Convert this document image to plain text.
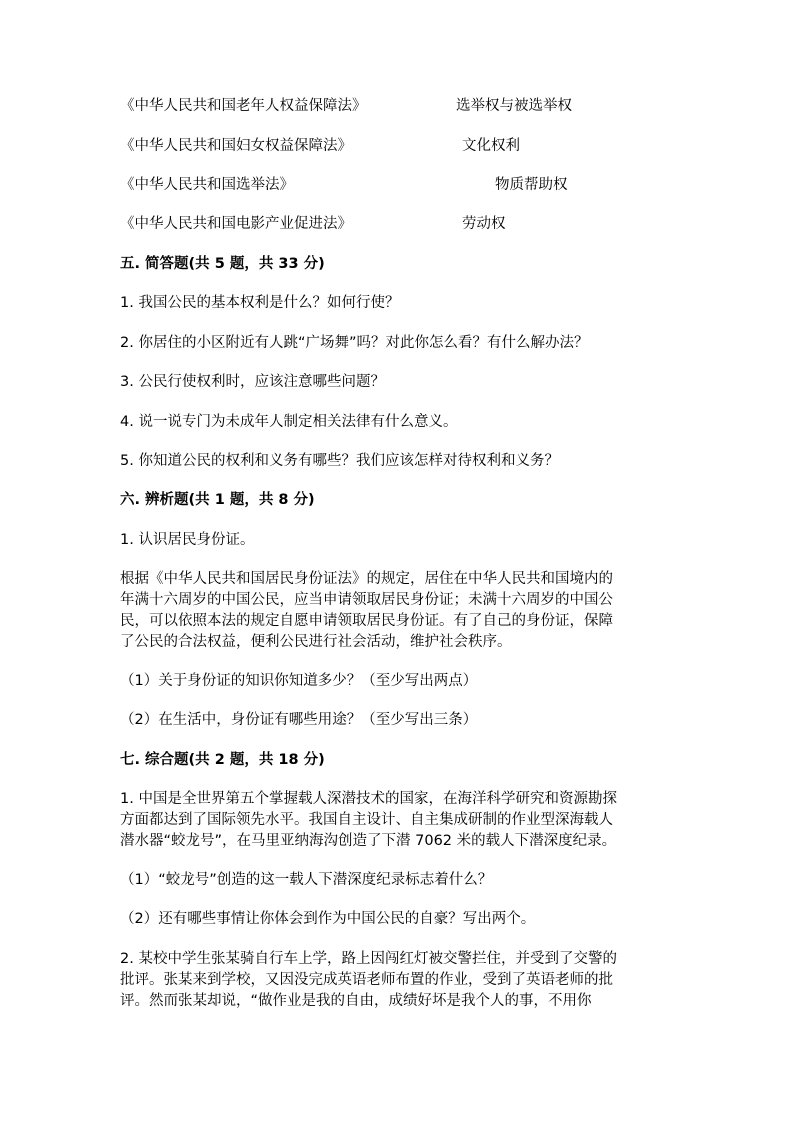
《中华人民共和国老年人权益保障法》	选举权与被选举权
《中华人民共和国妇女权益保障法》	文化权利
《中华人民共和国选举法》	物质帮助权
《中华人民共和国电影产业促进法》	劳动权
五. 简答题(共 5 题，共 33 分)
1. 我国公民的基本权利是什么？如何行使？
2. 你居住的小区附近有人跳“广场舞”吗？对此你怎么看？有什么解办法？
3. 公民行使权利时，应该注意哪些问题？
4. 说一说专门为未成年人制定相关法律有什么意义。
5. 你知道公民的权利和义务有哪些？我们应该怎样对待权利和义务？
六. 辨析题(共 1 题，共 8 分)
1. 认识居民身份证。
根据《中华人民共和国居民身份证法》的规定，居住在中华人民共和国境内的
年满十六周岁的中国公民，应当申请领取居民身份证；未满十六周岁的中国公
民，可以依照本法的规定自愿申请领取居民身份证。有了自己的身份证，保障
了公民的合法权益，便利公民进行社会活动，维护社会秩序。
（1）关于身份证的知识你知道多少？（至少写出两点）
（2）在生活中，身份证有哪些用途？（至少写出三条）
七. 综合题(共 2 题，共 18 分)
1. 中国是全世界第五个掌握载人深潜技术的国家，在海洋科学研究和资源勘探
方面都达到了国际领先水平。我国自主设计、自主集成研制的作业型深海载人
潜水器“蛟龙号”，在马里亚纳海沟创造了下潜 7062 米的载人下潜深度纪录。
（1）“蛟龙号”创造的这一载人下潜深度纪录标志着什么？
（2）还有哪些事情让你体会到作为中国公民的自豪？写出两个。
2. 某校中学生张某骑自行车上学，路上因闯红灯被交警拦住，并受到了交警的
批评。张某来到学校，又因没完成英语老师布置的作业，受到了英语老师的批
评。然而张某却说，“做作业是我的自由，成绩好坏是我个人的事，不用你
